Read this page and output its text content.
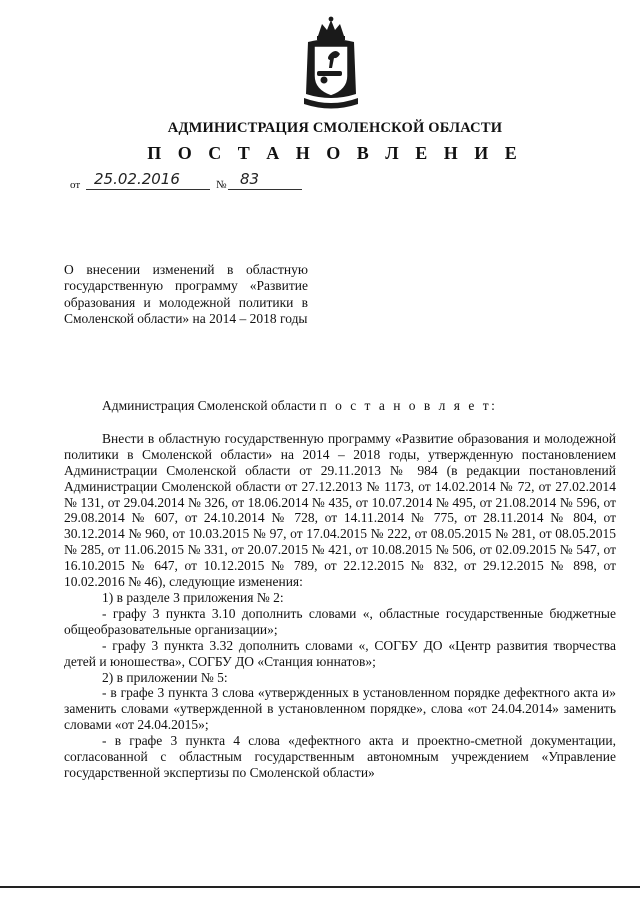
АДМИНИСТРАЦИЯ СМОЛЕНСКОЙ ОБЛАСТИ
П О С Т А Н О В Л Е Н И Е
от 25.02.2016	№ 83
О внесении изменений в областную государственную программу «Развитие образования и молодежной политики в Смоленской области» на 2014 – 2018 годы

Администрация Смоленской области п о с т а н о в л я е т:

Внести в областную государственную программу «Развитие образования и молодежной политики в Смоленской области» на 2014 – 2018 годы, утвержденную постановлением Администрации Смоленской области от 29.11.2013 № 984 (в редакции постановлений Администрации Смоленской области от 27.12.2013 № 1173, от 14.02.2014 № 72, от 27.02.2014 № 131, от 29.04.2014 № 326, от 18.06.2014 № 435, от 10.07.2014 № 495, от 21.08.2014 № 596, от 29.08.2014 № 607, от 24.10.2014 № 728, от 14.11.2014 № 775, от 28.11.2014 № 804, от 30.12.2014 № 960, от 10.03.2015 № 97, от 17.04.2015 № 222, от 08.05.2015 № 281, от 08.05.2015 № 285, от 11.06.2015 № 331, от 20.07.2015 № 421, от 10.08.2015 № 506, от 02.09.2015 № 547, от 16.10.2015 № 647, от 10.12.2015 № 789, от 22.12.2015 № 832, от 29.12.2015 № 898, от 10.02.2016 № 46), следующие изменения:

1) в разделе 3 приложения № 2:

- графу 3 пункта 3.10 дополнить словами «, областные государственные бюджетные общеобразовательные организации»;

- графу 3 пункта 3.32 дополнить словами «, СОГБУ ДО «Центр развития творчества детей и юношества», СОГБУ ДО «Станция юннатов»;

2) в приложении № 5:

- в графе 3 пункта 3 слова «утвержденных в установленном порядке дефектного акта и» заменить словами «утвержденной в установленном порядке», слова «от 24.04.2014» заменить словами «от 24.04.2015»;

- в графе 3 пункта 4 слова «дефектного акта и проектно-сметной документации, согласованной с областным государственным автономным учреждением «Управление государственной экспертизы по Смоленской области»
